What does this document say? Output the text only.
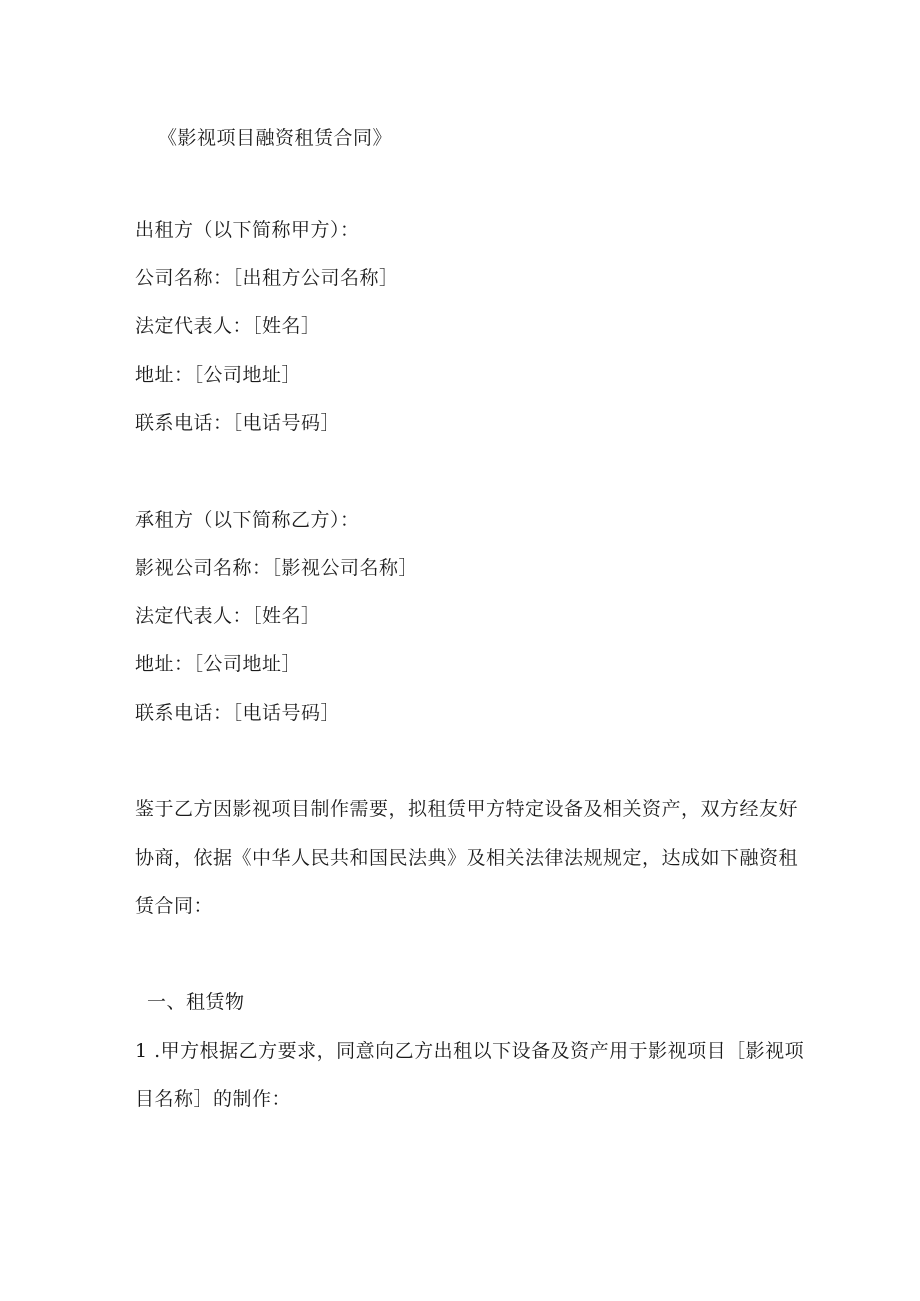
《影视项目融资租赁合同》
出租方（以下简称甲方）：
公司名称：［出租方公司名称］
法定代表人：［姓名］
地址：［公司地址］
联系电话：［电话号码］
承租方（以下简称乙方）：
影视公司名称：［影视公司名称］
法定代表人：［姓名］
地址：［公司地址］
联系电话：［电话号码］
鉴于乙方因影视项目制作需要，拟租赁甲方特定设备及相关资产，双方经友好
协商，依据《中华人民共和国民法典》及相关法律法规规定，达成如下融资租
赁合同：
一、租赁物
1 .甲方根据乙方要求，同意向乙方出租以下设备及资产用于影视项目［影视项
目名称］的制作：
